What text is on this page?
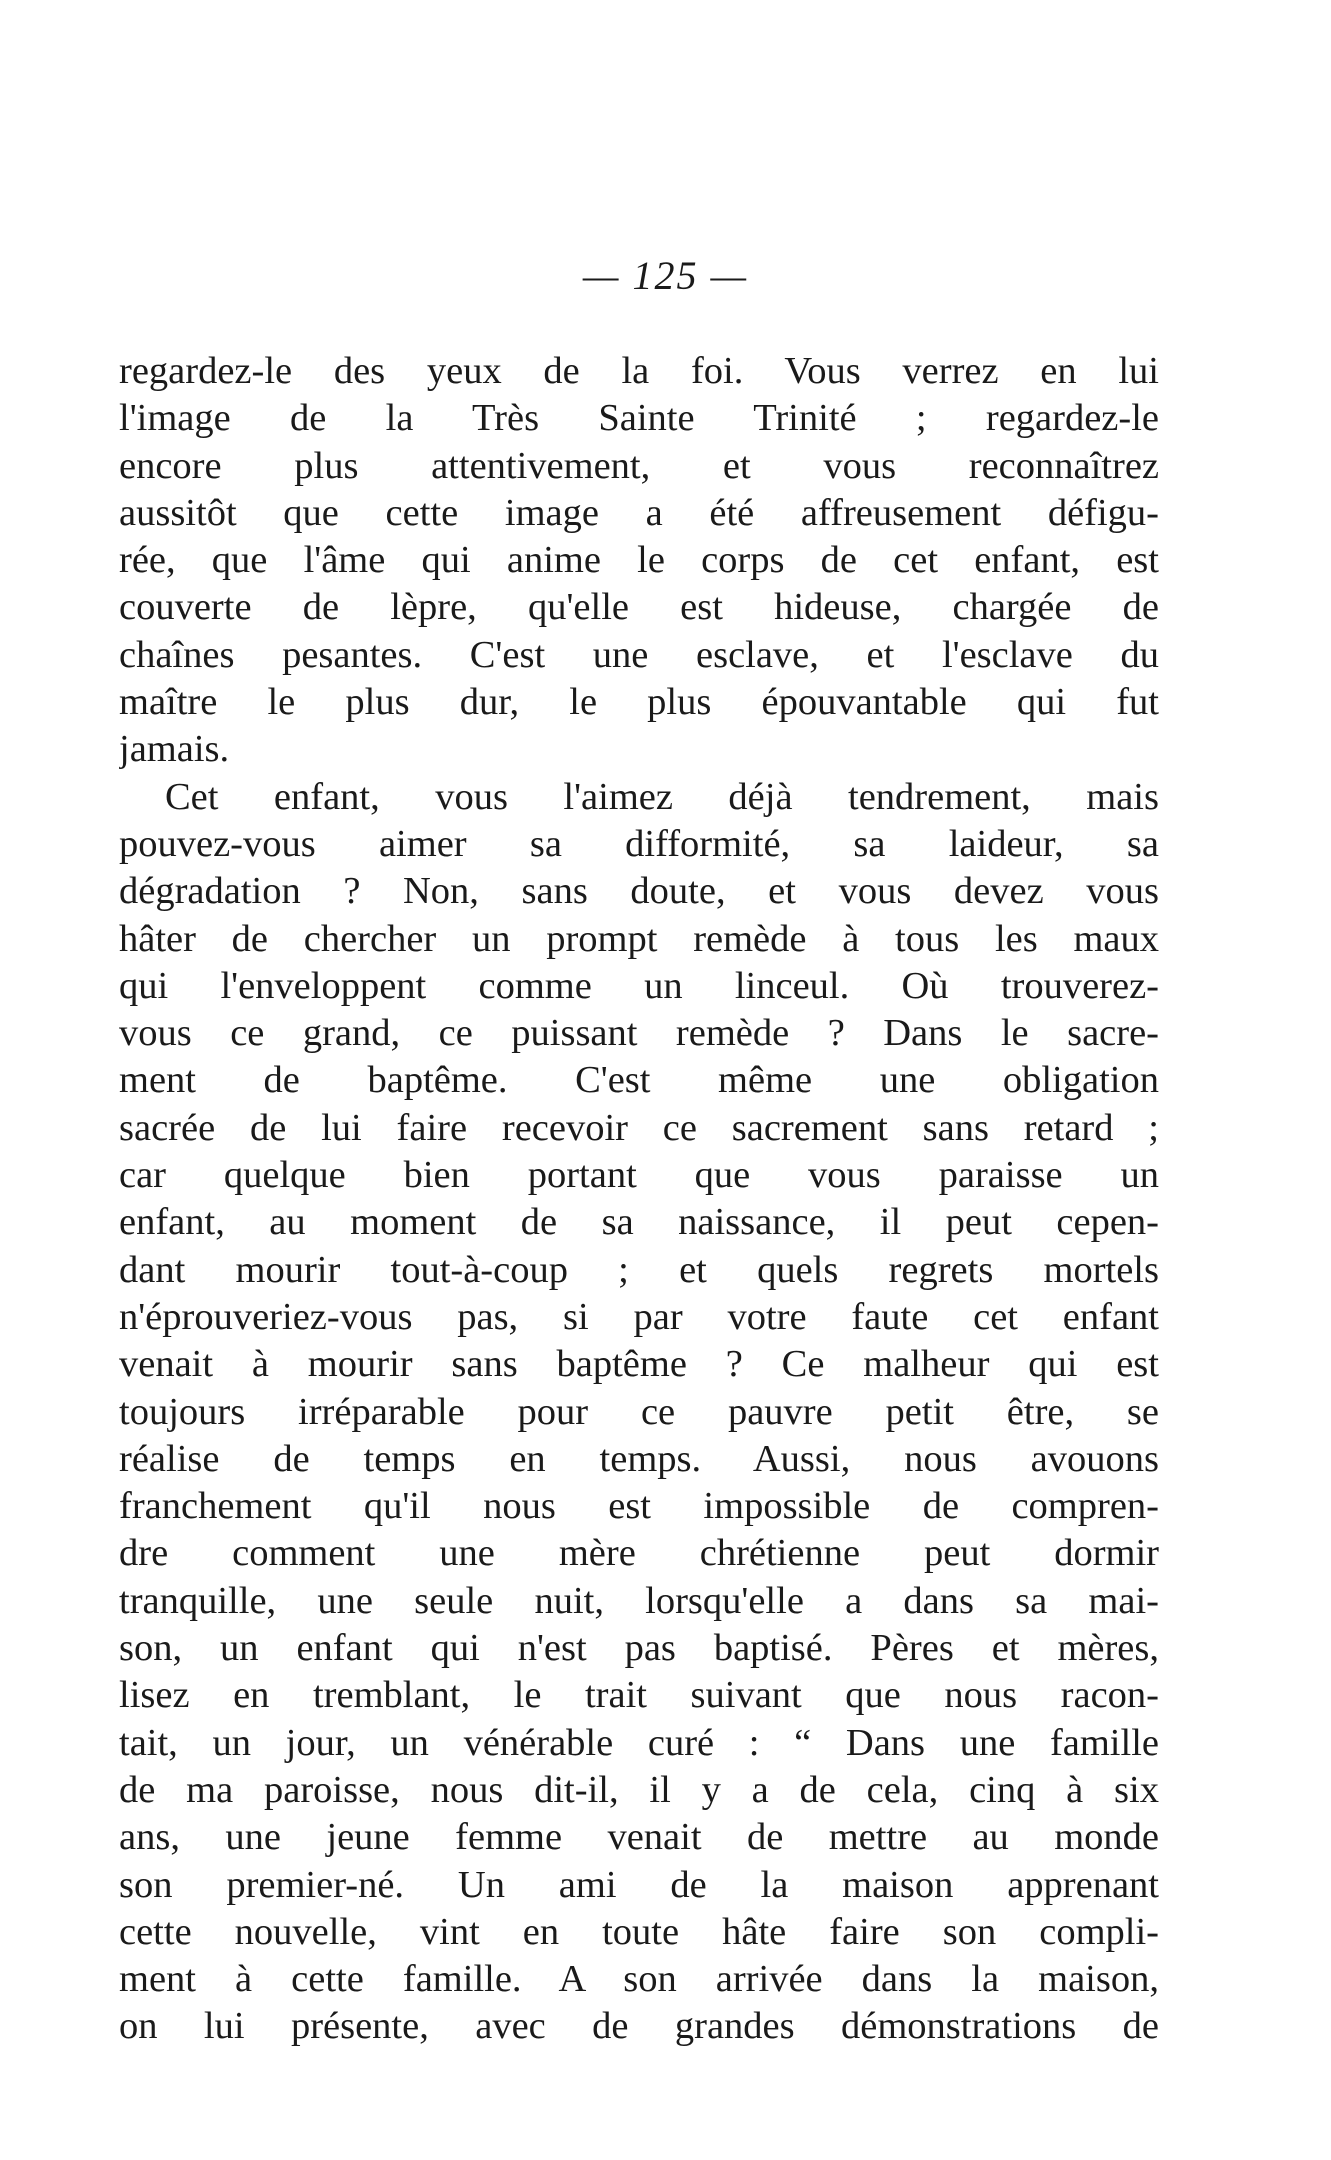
— 125 —
regardez-le des yeux de la foi. Vous verrez en lui
l'image de la Très Sainte Trinité ; regardez-le
encore plus attentivement, et vous reconnaîtrez
aussitôt que cette image a été affreusement défigu-
rée, que l'âme qui anime le corps de cet enfant, est
couverte de lèpre, qu'elle est hideuse, chargée de
chaînes pesantes. C'est une esclave, et l'esclave du
maître le plus dur, le plus épouvantable qui fut
jamais.
Cet enfant, vous l'aimez déjà tendrement, mais
pouvez-vous aimer sa difformité, sa laideur, sa
dégradation ? Non, sans doute, et vous devez vous
hâter de chercher un prompt remède à tous les maux
qui l'enveloppent comme un linceul. Où trouverez-
vous ce grand, ce puissant remède ? Dans le sacre-
ment de baptême. C'est même une obligation
sacrée de lui faire recevoir ce sacrement sans retard ;
car quelque bien portant que vous paraisse un
enfant, au moment de sa naissance, il peut cepen-
dant mourir tout-à-coup ; et quels regrets mortels
n'éprouveriez-vous pas, si par votre faute cet enfant
venait à mourir sans baptême ? Ce malheur qui est
toujours irréparable pour ce pauvre petit être, se
réalise de temps en temps. Aussi, nous avouons
franchement qu'il nous est impossible de compren-
dre comment une mère chrétienne peut dormir
tranquille, une seule nuit, lorsqu'elle a dans sa mai-
son, un enfant qui n'est pas baptisé. Pères et mères,
lisez en tremblant, le trait suivant que nous racon-
tait, un jour, un vénérable curé : “ Dans une famille
de ma paroisse, nous dit-il, il y a de cela, cinq à six
ans, une jeune femme venait de mettre au monde
son premier-né. Un ami de la maison apprenant
cette nouvelle, vint en toute hâte faire son compli-
ment à cette famille. A son arrivée dans la maison,
on lui présente, avec de grandes démonstrations de
